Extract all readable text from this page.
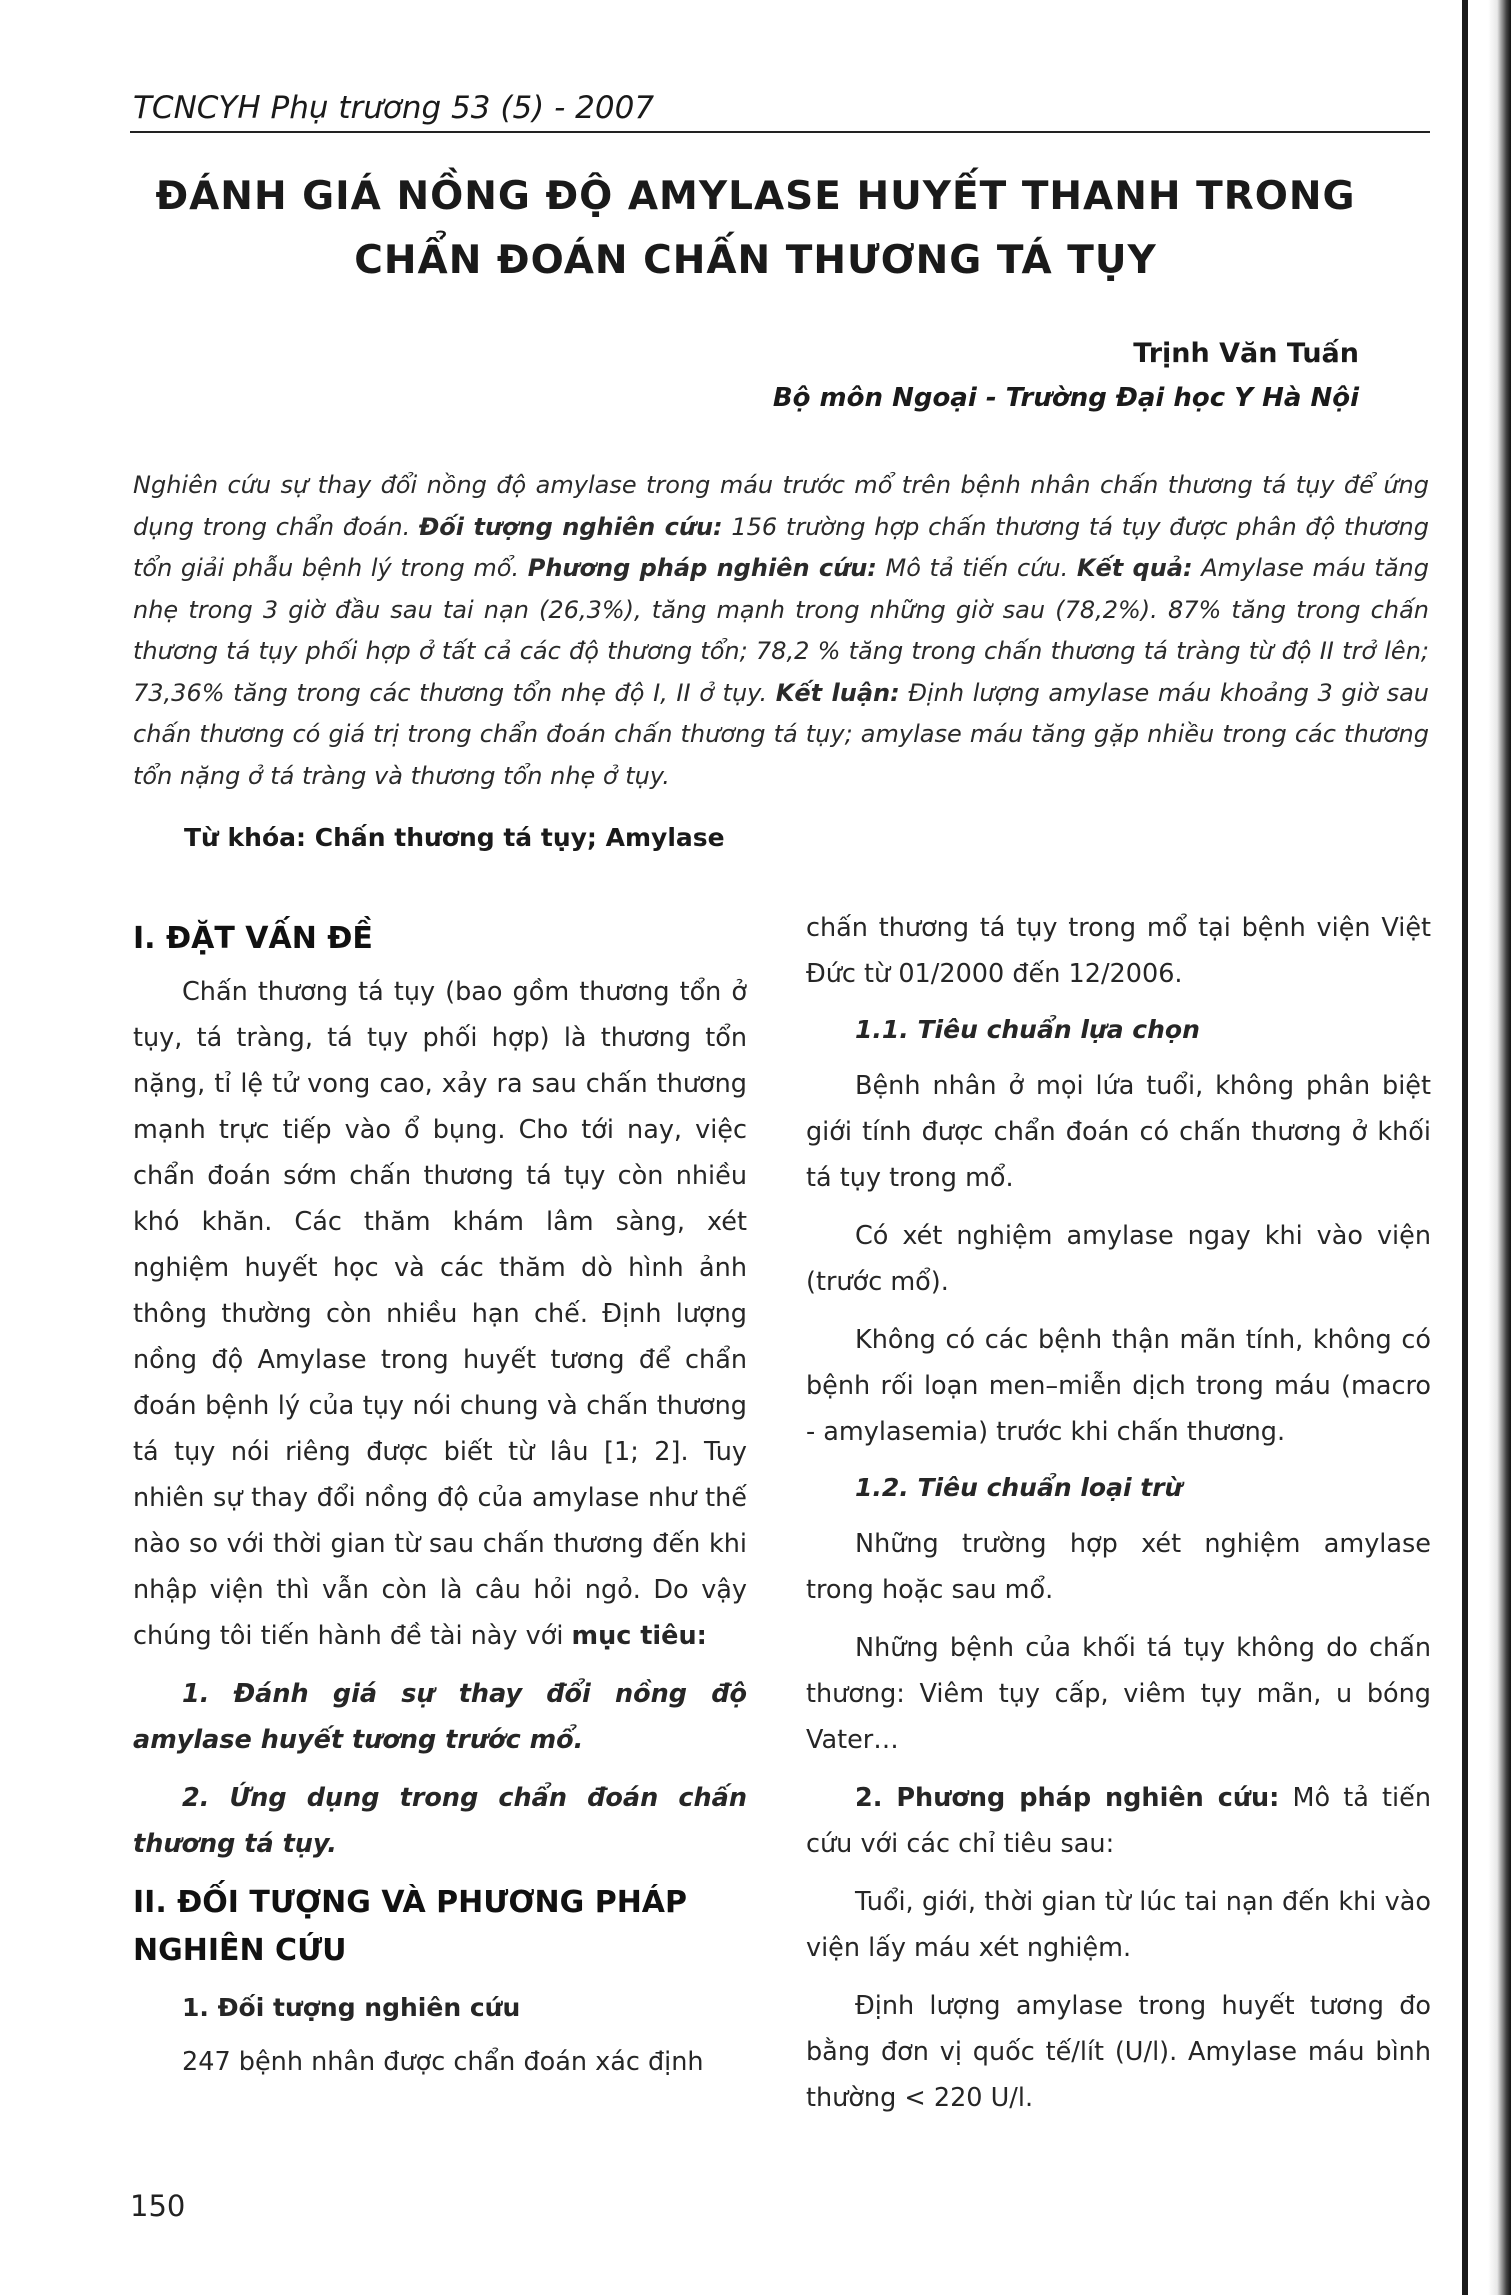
TCNCYH Phụ trương 53 (5) - 2007
ĐÁNH GIÁ NỒNG ĐỘ AMYLASE HUYẾT THANH TRONG
CHẨN ĐOÁN CHẤN THƯƠNG TÁ TỤY
Trịnh Văn Tuấn
Bộ môn Ngoại - Trường Đại học Y Hà Nội
Nghiên cứu sự thay đổi nồng độ amylase trong máu trước mổ trên bệnh nhân chấn thương tá tụy để ứng dụng trong chẩn đoán. Đối tượng nghiên cứu: 156 trường hợp chấn thương tá tụy được phân độ thương tổn giải phẫu bệnh lý trong mổ. Phương pháp nghiên cứu: Mô tả tiến cứu. Kết quả: Amylase máu tăng nhẹ trong 3 giờ đầu sau tai nạn (26,3%), tăng mạnh trong những giờ sau (78,2%). 87% tăng trong chấn thương tá tụy phối hợp ở tất cả các độ thương tổn; 78,2 % tăng trong chấn thương tá tràng từ độ II trở lên; 73,36% tăng trong các thương tổn nhẹ độ I, II ở tụy. Kết luận: Định lượng amylase máu khoảng 3 giờ sau chấn thương có giá trị trong chẩn đoán chấn thương tá tụy; amylase máu tăng gặp nhiều trong các thương tổn nặng ở tá tràng và thương tổn nhẹ ở tụy.
Từ khóa: Chấn thương tá tụy; Amylase
I. ĐẶT VẤN ĐỀ

Chấn thương tá tụy (bao gồm thương tổn ở tụy, tá tràng, tá tụy phối hợp) là thương tổn nặng, tỉ lệ tử vong cao, xảy ra sau chấn thương mạnh trực tiếp vào ổ bụng. Cho tới nay, việc chẩn đoán sớm chấn thương tá tụy còn nhiều khó khăn. Các thăm khám lâm sàng, xét nghiệm huyết học và các thăm dò hình ảnh thông thường còn nhiều hạn chế. Định lượng nồng độ Amylase trong huyết tương để chẩn đoán bệnh lý của tụy nói chung và chấn thương tá tụy nói riêng được biết từ lâu [1; 2]. Tuy nhiên sự thay đổi nồng độ của amylase như thế nào so với thời gian từ sau chấn thương đến khi nhập viện thì vẫn còn là câu hỏi ngỏ. Do vậy chúng tôi tiến hành đề tài này với mục tiêu:

1. Đánh giá sự thay đổi nồng độ amylase huyết tương trước mổ.

2. Ứng dụng trong chẩn đoán chấn thương tá tụy.

II. ĐỐI TƯỢNG VÀ PHƯƠNG PHÁP NGHIÊN CỨU

1. Đối tượng nghiên cứu

247 bệnh nhân được chẩn đoán xác định

chấn thương tá tụy trong mổ tại bệnh viện Việt Đức từ 01/2000 đến 12/2006.

1.1. Tiêu chuẩn lựa chọn

Bệnh nhân ở mọi lứa tuổi, không phân biệt giới tính được chẩn đoán có chấn thương ở khối tá tụy trong mổ.

Có xét nghiệm amylase ngay khi vào viện (trước mổ).

Không có các bệnh thận mãn tính, không có bệnh rối loạn men–miễn dịch trong máu (macro - amylasemia) trước khi chấn thương.

1.2. Tiêu chuẩn loại trừ

Những trường hợp xét nghiệm amylase trong hoặc sau mổ.

Những bệnh của khối tá tụy không do chấn thương: Viêm tụy cấp, viêm tụy mãn, u bóng Vater…

2. Phương pháp nghiên cứu: Mô tả tiến cứu với các chỉ tiêu sau:

Tuổi, giới, thời gian từ lúc tai nạn đến khi vào viện lấy máu xét nghiệm.

Định lượng amylase trong huyết tương đo bằng đơn vị quốc tế/lít (U/l). Amylase máu bình thường < 220 U/l.

150
